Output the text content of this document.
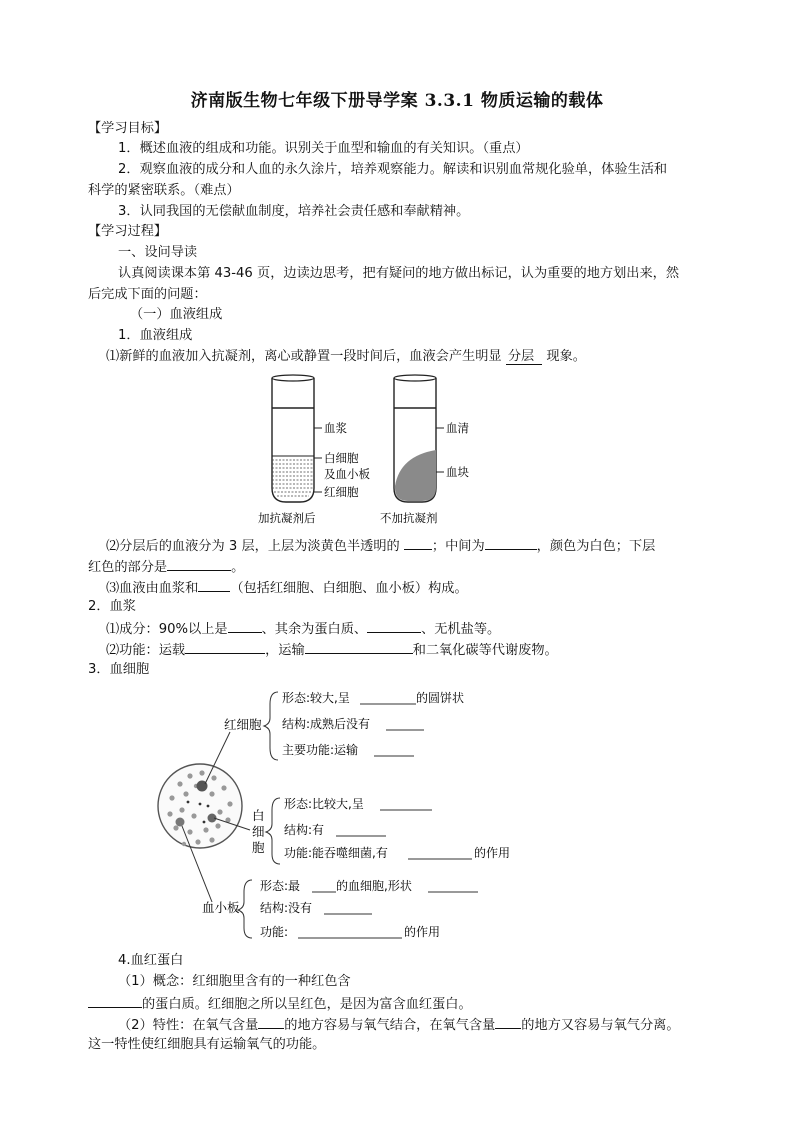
济南版生物七年级下册导学案 3.3.1 物质运输的载体
【学习目标】
1．概述血液的组成和功能。识别关于血型和输血的有关知识。（重点）
2．观察血液的成分和人血的永久涂片，培养观察能力。解读和识别血常规化验单，体验生活和
科学的紧密联系。（难点）
3．认同我国的无偿献血制度，培养社会责任感和奉献精神。
【学习过程】
一、设问导读
认真阅读课本第 43-46 页，边读边思考，把有疑问的地方做出标记，认为重要的地方划出来，然
后完成下面的问题：
（一）血液组成
1．血液组成
⑴新鲜的血液加入抗凝剂，离心或静置一段时间后，血液会产生明显 分层 现象。
血浆
白细胞
及血小板
红细胞
加抗凝剂后
血清
血块
不加抗凝剂
⑵分层后的血液分为 3 层，上层为淡黄色半透明的 ；中间为	，颜色为白色；下层
红色的部分是	。
⑶血液由血浆和 （包括红细胞、白细胞、血小板）构成。
2．血浆
⑴成分：90%以上是	、其余为蛋白质、	、无机盐等。
⑵功能：运载	，运输	和二氧化碳等代谢废物。
3．血细胞
红细胞
形态:较大,呈	的圆饼状
结构:成熟后没有
主要功能:运输
白
细
胞
形态:比较大,呈
结构:有
功能:能吞噬细菌,有	的作用
血小板
形态:最	的血细胞,形状
结构:没有
功能:	的作用
4.血红蛋白
（1）概念：红细胞里含有的一种红色含
的蛋白质。红细胞之所以呈红色，是因为富含血红蛋白。
（2）特性：在氧气含量 的地方容易与氧气结合，在氧气含量 的地方又容易与氧气分离。
这一特性使红细胞具有运输氧气的功能。
